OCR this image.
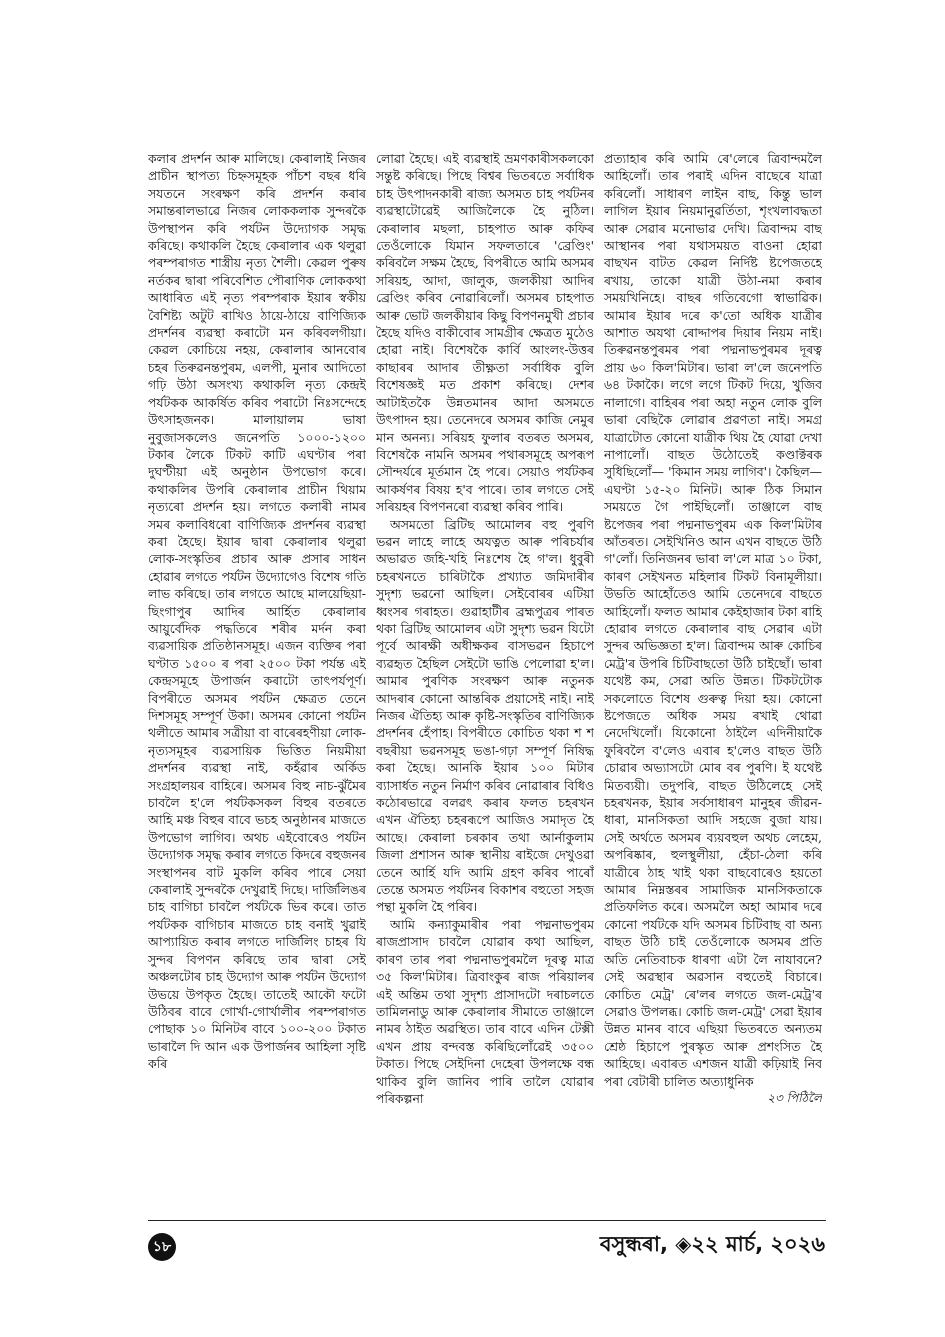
কলাৰ প্ৰদৰ্শন আৰু মালিছে। কেৰালাই নিজৰ প্ৰাচীন স্থাপত্য চিহ্নসমূহক পাঁচশ বছৰ ধৰি সযতনে সংৰক্ষণ কৰি প্ৰদৰ্শন কৰাৰ সমান্তৰালভাৱে নিজৰ লোককলাক সুন্দৰকৈ উপস্থাপন কৰি পৰ্যটন উদ্যোগক সমৃদ্ধ কৰিছে। কথাকলি হৈছে কেৰালাৰ এক থলুৱা পৰম্পৰাগত শাস্ত্ৰীয় নৃত্য শৈলী। কেৱল পুৰুষ নৰ্তকৰ দ্বাৰা পৰিবেশিত পৌৰাণিক লোককথা আধাৰিত এই নৃত্য পৰম্পৰাক ইয়াৰ স্বকীয় বৈশিষ্ট্য অটুট ৰাখিও ঠায়ে-ঠায়ে বাণিজ্যিক প্ৰদৰ্শনৰ ব্যৱস্থা কৰাটো মন কৰিবলগীয়া। কেৱল কোচিয়ে নহয়, কেৰালাৰ আনবোৰ চহৰ তিৰুৱনন্তপুৰম, এলপী, মুনাৰ আদিতো গঢ়ি উঠা অসংখ্য কথাকলি নৃত্য কেন্দ্ৰই পৰ্যটকক আকৰ্ষিত কৰিব পৰাটো নিঃসন্দেহে উৎসাহজনক। মালায়ালম ভাষা নুবুজাসকলেও জনেপতি ১০০০-১২০০ টকাৰ লৈকে টিকট কাটি এঘণ্টাৰ পৰা দুঘণ্টীয়া এই অনুষ্ঠান উপভোগ কৰে। কথাকলিৰ উপৰি কেৰালাৰ প্ৰাচীন থিয়াম নৃত্যৰো প্ৰদৰ্শন হয়। লগতে কলাৰী নামৰ সমৰ কলাবিধৰো বাণিজ্যিক প্ৰদৰ্শনৰ ব্যৱস্থা কৰা হৈছে। ইয়াৰ দ্বাৰা কেৰালাৰ থলুৱা লোক-সংস্কৃতিৰ প্ৰচাৰ আৰু প্ৰসাৰ সাধন হোৱাৰ লগতে পৰ্যটন উদ্যোগেও বিশেষ গতি লাভ কৰিছে। তাৰ লগতে আছে মালয়েছিয়া-ছিংগাপুৰ আদিৰ আৰ্হিত কেৰালাৰ আয়ুৰ্বেদিক পদ্ধতিৰে শৰীৰ মৰ্দন কৰা ব্যৱসায়িক প্ৰতিষ্ঠানসমূহ। এজন ব্যক্তিৰ পৰা ঘণ্টাত ১৫০০ ৰ পৰা ২৫০০ টকা পৰ্যন্ত এই কেন্দ্ৰসমূহে উপাৰ্জন কৰাটো তাৎপৰ্যপূৰ্ণ। বিপৰীতে অসমৰ পৰ্যটন ক্ষেত্ৰত তেনে দিশসমূহ সম্পূৰ্ণ উকা। অসমৰ কোনো পৰ্যটন থলীতে আমাৰ সত্ৰীয়া বা বাৰেৰহণীয়া লোক-নৃত্যসমূহৰ ব্যৱসায়িক ভিত্তিত নিয়মীয়া প্ৰদৰ্শনৰ ব্যৱস্থা নাই, কহঁৱাৰ অৰ্কিড সংগ্ৰহালয়ৰ বাহিৰে। অসমৰ বিহু নাচ-ঝুঁমৈৰ চাবলৈ হ'লে পৰ্যটকসকল বিহুৰ বতৰতে আহি মঞ্চ বিহুৰ বাবে ভচহ অনুষ্ঠানৰ মাজতে উপভোগ লাগিব। অথচ এইবোৰেও পৰ্যটন উদ্যোগক সমৃদ্ধ কৰাৰ লগতে কিদৰে বহুজনৰ সংস্থাপনৰ বাট মুকলি কৰিব পাৰে সেয়া কেৰালাই সুন্দৰকৈ দেখুৱাই দিছে। দাৰ্জিলিঙৰ চাহ বাগিচা চাবলৈ পৰ্যটকে ভিৰ কৰে। তাত পৰ্যটকক বাগিচাৰ মাজতে চাহ বনাই খুৱাই আপ্যায়িত কৰাৰ লগতে দাৰ্জিলিং চাহৰ যি সুন্দৰ বিপণন কৰিছে তাৰ দ্বাৰা সেই অঞ্চলটোৰ চাহ উদ্যোগ আৰু পৰ্যটন উদ্যোগ উভয়ে উপকৃত হৈছে। তাতেই আকৌ ফটো উঠিবৰ বাবে গোৰ্খা-গোৰ্খালীৰ পৰম্পৰাগত পোছাক ১০ মিনিটৰ বাবে ১০০-২০০ টকাত ভাৰালৈ দি আন এক উপাৰ্জনৰ আহিলা সৃষ্টি কৰি

লোৱা হৈছে। এই ব্যৱস্থাই ভ্ৰমণকাৰীসকলকো সন্তুষ্ট কৰিছে। পিছে বিশ্বৰ ভিতৰতে সৰ্বাধিক চাহ উৎপাদনকাৰী ৰাজ্য অসমত চাহ পৰ্যটনৰ ব্যৱস্থাটোৱেই আজিলৈকে হৈ নুঠিল। কেৰালাৰ মছলা, চাহপাত আৰু কফিৰ তেওঁলোকে যিমান সফলতাৰে 'ব্ৰেণ্ডিং' কৰিবলৈ সক্ষম হৈছে, বিপৰীতে আমি অসমৰ সৰিয়হ, আদা, জালুক, জলকীয়া আদিৰ ব্ৰেণ্ডিং কৰিব নোৱাৰিলোঁ। অসমৰ চাহপাত আৰু ভোট জলকীয়াৰ কিছু বিপণনমুখী প্ৰচাৰ হৈছে যদিও বাকীবোৰ সামগ্ৰীৰ ক্ষেত্ৰত মুঠেও হোৱা নাই। বিশেষকৈ কাৰ্বি আংলং-উত্তৰ কাছাৰৰ আদাৰ তীক্ষ্ণতা সৰ্বাধিক বুলি বিশেষজ্ঞই মত প্ৰকাশ কৰিছে। দেশৰ আটাইতকৈ উন্নতমানৰ আদা অসমতে উৎপাদন হয়। তেনেদৰে অসমৰ কাজি নেমুৰ মান অনন্য। সৰিয়হ ফুলাৰ বতৰত অসমৰ, বিশেষকৈ নামনি অসমৰ পথাৰসমূহে অপৰূপ সৌন্দৰ্যৰে মূৰ্তমান হৈ পৰে। সেয়াও পৰ্যটকৰ আকৰ্ষণৰ বিষয় হ'ব পাৰে। তাৰ লগতে সেই সৰিয়হৰ বিপণনৰো ব্যৱস্থা কৰিব পাৰি।

অসমতো ব্ৰিটিছ আমোলৰ বহু পুৰণি ভৱন লাহে লাহে অযত্নত আৰু পৰিচৰ্যাৰ অভাৱত জহি-খহি নিঃশেষ হৈ গ'ল। ধুবুৰী চহৰখনতে চাৰিটাকৈ প্ৰখ্যাত জমিদাৰীৰ সুদৃশ্য ভৱনো আছিল। সেইবোৰৰ এটিয়া ধ্বংসৰ গৰাহত। গুৱাহাটীৰ ব্ৰহ্মপুত্ৰৰ পাৰত থকা ব্ৰিটিছ আমোলৰ এটা সুদৃশ্য ভৱন যিটো পূৰ্বে আৰক্ষী অধীক্ষকৰ বাসভৱন হিচাপে ব্যৱহৃত হৈছিল সেইটো ভাঙি পেলোৱা হ'ল। আমাৰ পুৰণিক সংৰক্ষণ আৰু নতুনক আদৰাৰ কোনো আন্তৰিক প্ৰয়াসেই নাই। নাই নিজৰ ঐতিহ্য আৰু কৃষ্টি-সংস্কৃতিৰ বাণিজ্যিক প্ৰদৰ্শনৰ হেঁপাহ। বিপৰীতে কোচিত থকা শ শ বছৰীয়া ভৱনসমূহ ভঙা-গঢ়া সম্পূৰ্ণ নিষিদ্ধ কৰা হৈছে। আনকি ইয়াৰ ১০০ মিটাৰ ব্যাসাৰ্ধত নতুন নিৰ্মাণ কৰিব নোৱাৰাৰ বিধিও কঠোৰভাৱে বলৱৎ কৰাৰ ফলত চহৰখন এখন ঐতিহ্য চহৰৰূপে আজিও সমাদৃত হৈ আছে। কেৰালা চৰকাৰ তথা আৰ্নাকুলাম জিলা প্ৰশাসন আৰু স্থানীয় ৰাইজে দেখুওৱা তেনে আৰ্হি যদি আমি গ্ৰহণ কৰিব পাৰোঁ তেন্তে অসমত পৰ্যটনৰ বিকাশৰ বহুতো সহজ পন্থা মুকলি হৈ পৰিব।

আমি কন্যাকুমাৰীৰ পৰা পদ্মনাভপুৰম ৰাজপ্ৰাসাদ চাবলৈ যোৱাৰ কথা আছিল, কাৰণ তাৰ পৰা পদ্মনাভপুৰমলৈ দূৰত্ব মাত্ৰ ৩৫ কিল'মিটাৰ। ত্ৰিবাংকুৰ ৰাজ পৰিয়ালৰ এই অন্তিম তথা সুদৃশ্য প্ৰাসাদটো দৰাচলতে তামিলনাডু আৰু কেৰালাৰ সীমাতে তাঞ্জালে নামৰ ঠাইত অৱস্থিত। তাৰ বাবে এদিন টেক্সী এখন প্ৰায় বন্দবস্ত কৰিছিলোঁৱেই ৩৫০০ টকাত। পিছে সেইদিনা দেহেৰা উপলক্ষে বন্ধ থাকিব বুলি জানিব পাৰি তালৈ যোৱাৰ পৰিকল্পনা

প্ৰত্যাহাৰ কৰি আমি ৰে'লেৰে ত্ৰিবান্দমলৈ আহিলোঁ। তাৰ পৰাই এদিন বাছেৰে যাত্ৰা কৰিলোঁ। সাধাৰণ লাইন বাছ, কিন্তু ভাল লাগিল ইয়াৰ নিয়মানুৱৰ্তিতা, শৃংখলাবদ্ধতা আৰু সেৱাৰ মনোভাৱ দেখি। ত্ৰিবান্দম বাছ আস্থানৰ পৰা যথাসময়ত বাওনা হোৱা বাছখন বাটত কেৱল নিৰ্দিষ্ট ষ্টপেজতহে ৰখায়, তাকো যাত্ৰী উঠা-নমা কৰাৰ সময়খিনিহে। বাছৰ গতিবেগো স্বাভাৱিক। আমাৰ ইয়াৰ দৰে ক'তো অধিক যাত্ৰীৰ আশাত অযথা ৰোদ্দাপৰ দিয়াৰ নিয়ম নাই। তিৰুৱনন্তপুৰমৰ পৰা পদ্মনাভপুৰমৰ দূৰত্ব প্ৰায় ৬০ কিল'মিটাৰ। ভাৰা ল'লে জনেপতি ৬৪ টকাকৈ। লগে লগে টিকট দিয়ে, খুজিব নালাগে। বাহিৰৰ পৰা অহা নতুন লোক বুলি ভাৰা বেছিকৈ লোৱাৰ প্ৰৱণতা নাই। সমগ্ৰ যাত্ৰাটোত কোনো যাত্ৰীক থিয় হৈ যোৱা দেখা নাপালোঁ। বাছত উঠোতেই কণ্ডাক্টৰক সুধিছিলোঁ— 'কিমান সময় লাগিব'। কৈছিল— এঘণ্টা ১৫-২০ মিনিট। আৰু ঠিক সিমান সময়তে গৈ পাইছিলোঁ। তাঞ্জালে বাছ ষ্টপেজৰ পৰা পদ্মনাভপুৰম এক কিল'মিটাৰ আঁতৰত। সেইখিনিও আন এখন বাছতে উঠি গ'লোঁ। তিনিজনৰ ভাৰা ল'লে মাত্ৰ ১০ টকা, কাৰণ সেইখনত মহিলাৰ টিকট বিনামূলীয়া। উভতি আহোঁতেও আমি তেনেদৰে বাছতে আহিলোঁ। ফলত আমাৰ কেইহাজাৰ টকা ৰাহি হোৱাৰ লগতে কেৰালাৰ বাছ সেৱাৰ এটা সুন্দৰ অভিজ্ঞতা হ'ল। ত্ৰিবান্দম আৰু কোচিৰ মেট্ৰ'ৰ উপৰি চিটিবাছতো উঠি চাইছোঁ। ভাৰা যথেষ্ট কম, সেৱা অতি উন্নত। টিকটটোক সকলোতে বিশেষ গুৰুত্ব দিয়া হয়। কোনো ষ্টপেজতে অধিক সময় ৰখাই থোৱা নেদেখিলোঁ। যিকোনো ঠাইলৈ এদিনীয়াকৈ ফুৰিবলৈ ব'লেও এবাৰ হ'লেও বাছত উঠি চোৱাৰ অভ্যাসটো মোৰ বৰ পুৰণি। ই যথেষ্ট মিতব্যয়ী। তদুপৰি, বাছত উঠিলেহে সেই চহৰখনক, ইয়াৰ সৰ্বসাধাৰণ মানুহৰ জীৱন-ধাৰা, মানসিকতা আদি সহজে বুজা যায়। সেই অৰ্থতে অসমৰ ব্যয়বহুল অথচ লেহেম, অপৰিষ্কাৰ, হুলস্থুলীয়া, হেঁচা-ঠেলা কৰি যাত্ৰীৰে ঠাহ খাই থকা বাছবোৰেও হয়তো আমাৰ নিম্নস্তৰৰ সামাজিক মানসিকতাকে প্ৰতিফলিত কৰে। অসমলৈ অহা আমাৰ দৰে কোনো পৰ্যটকে যদি অসমৰ চিটিবাছ বা অন্য বাছত উঠি চাই তেওঁলোকে অসমৰ প্ৰতি অতি নেতিবাচক ধাৰণা এটা লৈ নাযাবনে? সেই অৱস্থাৰ অৱসান বহুতেই বিচাৰে। কোচিত মেট্ৰ' ৰে'লৰ লগতে জল-মেট্ৰ'ৰ সেৱাও উপলব্ধ। কোচি জল-মেট্ৰ' সেৱা ইয়াৰ উন্নত মানৰ বাবে এছিয়া ভিতৰতে অন্যতম শ্ৰেষ্ঠ হিচাপে পুৰস্কৃত আৰু প্ৰশংসিত হৈ আহিছে। এবাৰত এশজন যাত্ৰী কঢ়িয়াই নিব পৰা বেটাৰী চালিত অত্যাধুনিক

২৩ পিঠিলৈ
১৮	বসুন্ধৰা, ◈২২ মাৰ্চ, ২০২৬
